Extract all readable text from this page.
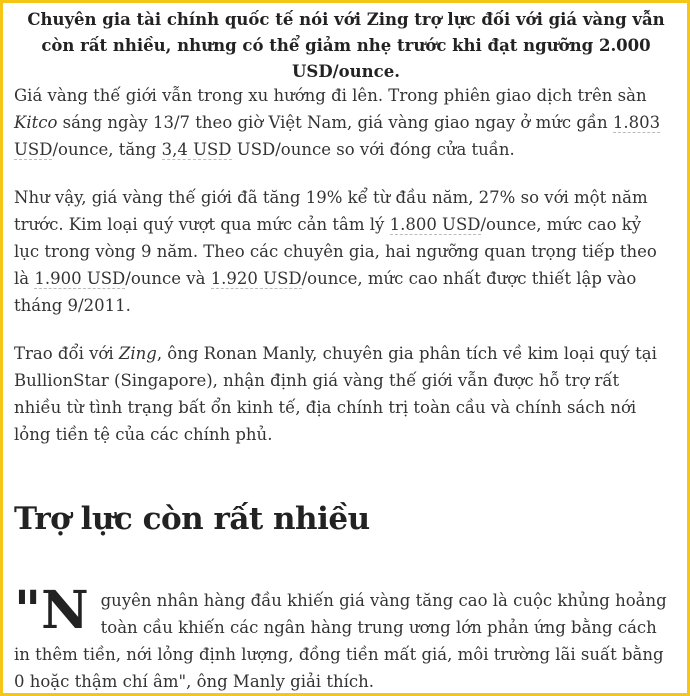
Chuyên gia tài chính quốc tế nói với Zing trợ lực đối với giá vàng vẫn còn rất nhiều, nhưng có thể giảm nhẹ trước khi đạt ngưỡng 2.000 USD/ounce.

Giá vàng thế giới vẫn trong xu hướng đi lên. Trong phiên giao dịch trên sàn Kitco sáng ngày 13/7 theo giờ Việt Nam, giá vàng giao ngay ở mức gần 1.803 USD/ounce, tăng 3,4 USD USD/ounce so với đóng cửa tuần.

Như vậy, giá vàng thế giới đã tăng 19% kể từ đầu năm, 27% so với một năm trước. Kim loại quý vượt qua mức cản tâm lý 1.800 USD/ounce, mức cao kỷ lục trong vòng 9 năm. Theo các chuyên gia, hai ngưỡng quan trọng tiếp theo là 1.900 USD/ounce và 1.920 USD/ounce, mức cao nhất được thiết lập vào tháng 9/2011.

Trao đổi với Zing, ông Ronan Manly, chuyên gia phân tích về kim loại quý tại BullionStar (Singapore), nhận định giá vàng thế giới vẫn được hỗ trợ rất nhiều từ tình trạng bất ổn kinh tế, địa chính trị toàn cầu và chính sách nới lỏng tiền tệ của các chính phủ.

Trợ lực còn rất nhiều
"Nguyên nhân hàng đầu khiến giá vàng tăng cao là cuộc khủng hoảng toàn cầu khiến các ngân hàng trung ương lớn phản ứng bằng cách in thêm tiền, nới lỏng định lượng, đồng tiền mất giá, môi trường lãi suất bằng 0 hoặc thậm chí âm", ông Manly giải thích.
